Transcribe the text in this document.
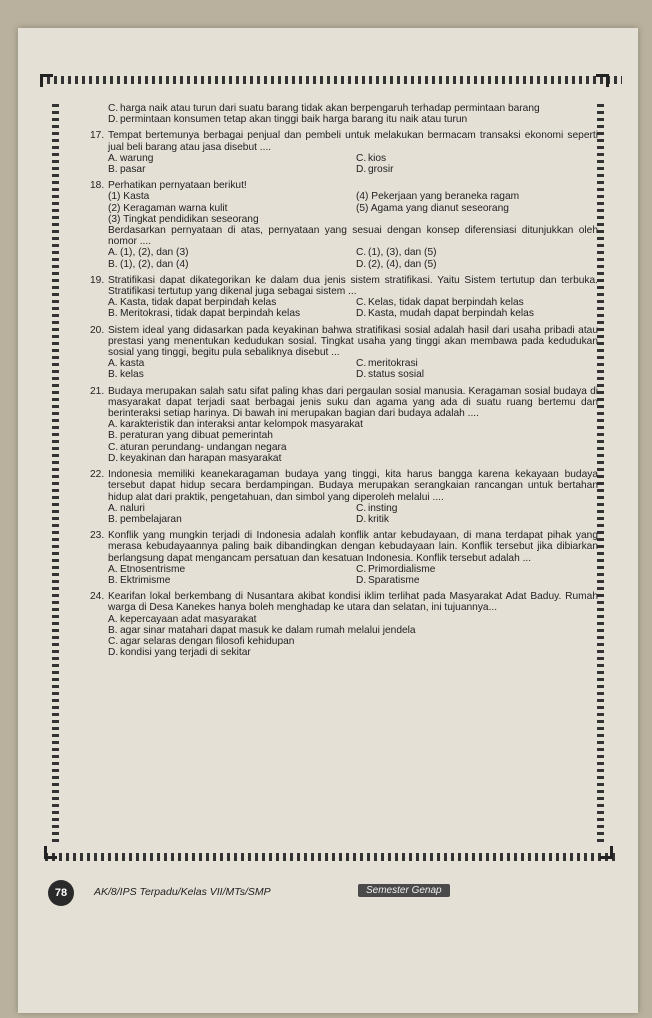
C. harga naik atau turun dari suatu barang tidak akan berpengaruh terhadap permintaan barang
D. permintaan konsumen tetap akan tinggi baik harga barang itu naik atau turun
17. Tempat bertemunya berbagai penjual dan pembeli untuk melakukan bermacam transaksi ekonomi seperti jual beli barang atau jasa disebut ....
A. warung	C. kios
B. pasar	D. grosir
18. Perhatikan pernyataan berikut!
(1) Kasta	(4) Pekerjaan yang beraneka ragam
(2) Keragaman warna kulit	(5) Agama yang dianut seseorang
(3) Tingkat pendidikan seseorang
Berdasarkan pernyataan di atas, pernyataan yang sesuai dengan konsep diferensiasi ditunjukkan oleh nomor ....
A. (1), (2), dan (3)	C. (1), (3), dan (5)
B. (1), (2), dan (4)	D. (2), (4), dan (5)
19. Stratifikasi dapat dikategorikan ke dalam dua jenis sistem stratifikasi. Yaitu Sistem tertutup dan terbuka. Stratifikasi tertutup yang dikenal juga sebagai sistem ...
A. Kasta, tidak dapat berpindah kelas	C. Kelas, tidak dapat berpindah kelas
B. Meritokrasi, tidak dapat berpindah kelas	D. Kasta, mudah dapat berpindah kelas
20. Sistem ideal yang didasarkan pada keyakinan bahwa stratifikasi sosial adalah hasil dari usaha pribadi atau prestasi yang menentukan kedudukan sosial. Tingkat usaha yang tinggi akan membawa pada kedudukan sosial yang tinggi, begitu pula sebaliknya disebut ...
A. kasta	C. meritokrasi
B. kelas	D. status sosial
21. Budaya merupakan salah satu sifat paling khas dari pergaulan sosial manusia. Keragaman sosial budaya di masyarakat dapat terjadi saat berbagai jenis suku dan agama yang ada di suatu ruang bertemu dan berinteraksi setiap harinya. Di bawah ini merupakan bagian dari budaya adalah ....
A. karakteristik dan interaksi antar kelompok masyarakat
B. peraturan yang dibuat pemerintah
C. aturan perundang- undangan negara
D. keyakinan dan harapan masyarakat
22. Indonesia memiliki keanekaragaman budaya yang tinggi, kita harus bangga karena kekayaan budaya tersebut dapat hidup secara berdampingan. Budaya merupakan serangkaian rancangan untuk bertahan hidup alat dari praktik, pengetahuan, dan simbol yang diperoleh melalui ....
A. naluri	C. insting
B. pembelajaran	D. kritik
23. Konflik yang mungkin terjadi di Indonesia adalah konflik antar kebudayaan, di mana terdapat pihak yang merasa kebudayaannya paling baik dibandingkan dengan kebudayaan lain. Konflik tersebut jika dibiarkan berlangsung dapat mengancam persatuan dan kesatuan Indonesia. Konflik tersebut adalah ...
A. Etnosentrisme	C. Primordialisme
B. Ektrimisme	D. Sparatisme
24. Kearifan lokal berkembang di Nusantara akibat kondisi iklim terlihat pada Masyarakat Adat Baduy. Rumah warga di Desa Kanekes hanya boleh menghadap ke utara dan selatan, ini tujuannya...
A. kepercayaan adat masyarakat
B. agar sinar matahari dapat masuk ke dalam rumah melalui jendela
C. agar selaras dengan filosofi kehidupan
D. kondisi yang terjadi di sekitar
78	AK/8/IPS Terpadu/Kelas VII/MTs/SMP	Semester Genap
